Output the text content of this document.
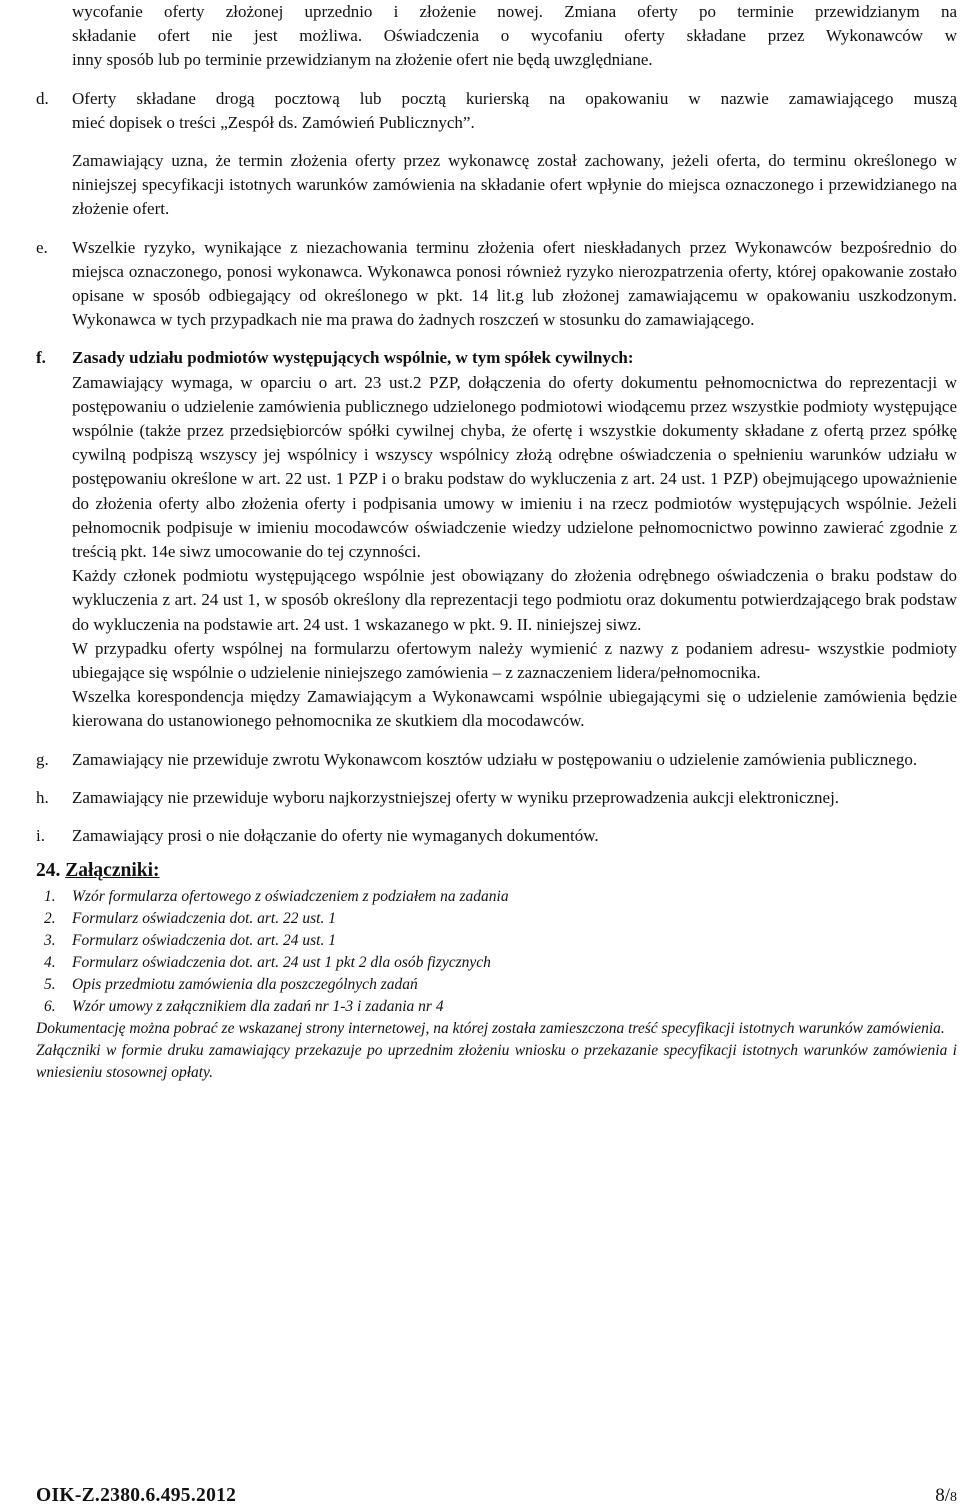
wycofanie oferty złożonej uprzednio i złożenie nowej. Zmiana oferty po terminie przewidzianym na

składanie ofert nie jest możliwa. Oświadczenia o wycofaniu oferty składane przez Wykonawców w

inny sposób lub po terminie przewidzianym na złożenie ofert nie będą uwzględniane.

d. Oferty składane drogą pocztową lub pocztą kurierską na opakowaniu w nazwie zamawiającego muszą

mieć dopisek o treści „Zespół ds. Zamówień Publicznych”.

Zamawiający uzna, że termin złożenia oferty przez wykonawcę został zachowany, jeżeli oferta, do terminu określonego w niniejszej specyfikacji istotnych warunków zamówienia na składanie ofert wpłynie do miejsca oznaczonego i przewidzianego na złożenie ofert.

e. Wszelkie ryzyko, wynikające z niezachowania terminu złożenia ofert nieskładanych przez Wykonawców bezpośrednio do miejsca oznaczonego, ponosi wykonawca. Wykonawca ponosi również ryzyko nierozpatrzenia oferty, której opakowanie zostało opisane w sposób odbiegający od określonego w pkt. 14 lit.g lub złożonej zamawiającemu w opakowaniu uszkodzonym. Wykonawca w tych przypadkach nie ma prawa do żadnych roszczeń w stosunku do zamawiającego.

f. Zasady udziału podmiotów występujących wspólnie, w tym spółek cywilnych:

Zamawiający wymaga, w oparciu o art. 23 ust.2 PZP, dołączenia do oferty dokumentu pełnomocnictwa do reprezentacji w postępowaniu o udzielenie zamówienia publicznego udzielonego podmiotowi wiodącemu przez wszystkie podmioty występujące wspólnie (także przez przedsiębiorców spółki cywilnej chyba, że ofertę i wszystkie dokumenty składane z ofertą przez spółkę cywilną podpiszą wszyscy jej wspólnicy i wszyscy wspólnicy złożą odrębne oświadczenia o spełnieniu warunków udziału w postępowaniu określone w art. 22 ust. 1 PZP i o braku podstaw do wykluczenia z art. 24 ust. 1 PZP) obejmującego upoważnienie do złożenia oferty albo złożenia oferty i podpisania umowy w imieniu i na rzecz podmiotów występujących wspólnie. Jeżeli pełnomocnik podpisuje w imieniu mocodawców oświadczenie wiedzy udzielone pełnomocnictwo powinno zawierać zgodnie z treścią pkt. 14e siwz umocowanie do tej czynności.

Każdy członek podmiotu występującego wspólnie jest obowiązany do złożenia odrębnego oświadczenia o braku podstaw do wykluczenia z art. 24 ust 1, w sposób określony dla reprezentacji tego podmiotu oraz dokumentu potwierdzającego brak podstaw do wykluczenia na podstawie art. 24 ust. 1 wskazanego w pkt. 9. II. niniejszej siwz.

W przypadku oferty wspólnej na formularzu ofertowym należy wymienić z nazwy z podaniem adresu- wszystkie podmioty ubiegające się wspólnie o udzielenie niniejszego zamówienia – z zaznaczeniem lidera/pełnomocnika.

Wszelka korespondencja między Zamawiającym a Wykonawcami wspólnie ubiegającymi się o udzielenie zamówienia będzie kierowana do ustanowionego pełnomocnika ze skutkiem dla mocodawców.

g. Zamawiający nie przewiduje zwrotu Wykonawcom kosztów udziału w postępowaniu o udzielenie zamówienia publicznego.

h. Zamawiający nie przewiduje wyboru najkorzystniejszej oferty w wyniku przeprowadzenia aukcji elektronicznej.

i. Zamawiający prosi o nie dołączanie do oferty nie wymaganych dokumentów.

24. Załączniki:
1. Wzór formularza ofertowego z oświadczeniem z podziałem na zadania
2. Formularz oświadczenia dot. art. 22 ust. 1
3. Formularz oświadczenia dot. art. 24 ust. 1
4. Formularz oświadczenia dot. art. 24 ust 1 pkt 2 dla osób fizycznych
5. Opis przedmiotu zamówienia dla poszczególnych zadań
6. Wzór umowy z załącznikiem dla zadań nr 1-3 i zadania nr 4

Dokumentację można pobrać ze wskazanej strony internetowej, na której została zamieszczona treść specyfikacji istotnych warunków zamówienia.

Załączniki w formie druku zamawiający przekazuje po uprzednim złożeniu wniosku o przekazanie specyfikacji istotnych warunków zamówienia i wniesieniu stosownej opłaty.

OIK-Z.2380.6.495.2012	8/8
